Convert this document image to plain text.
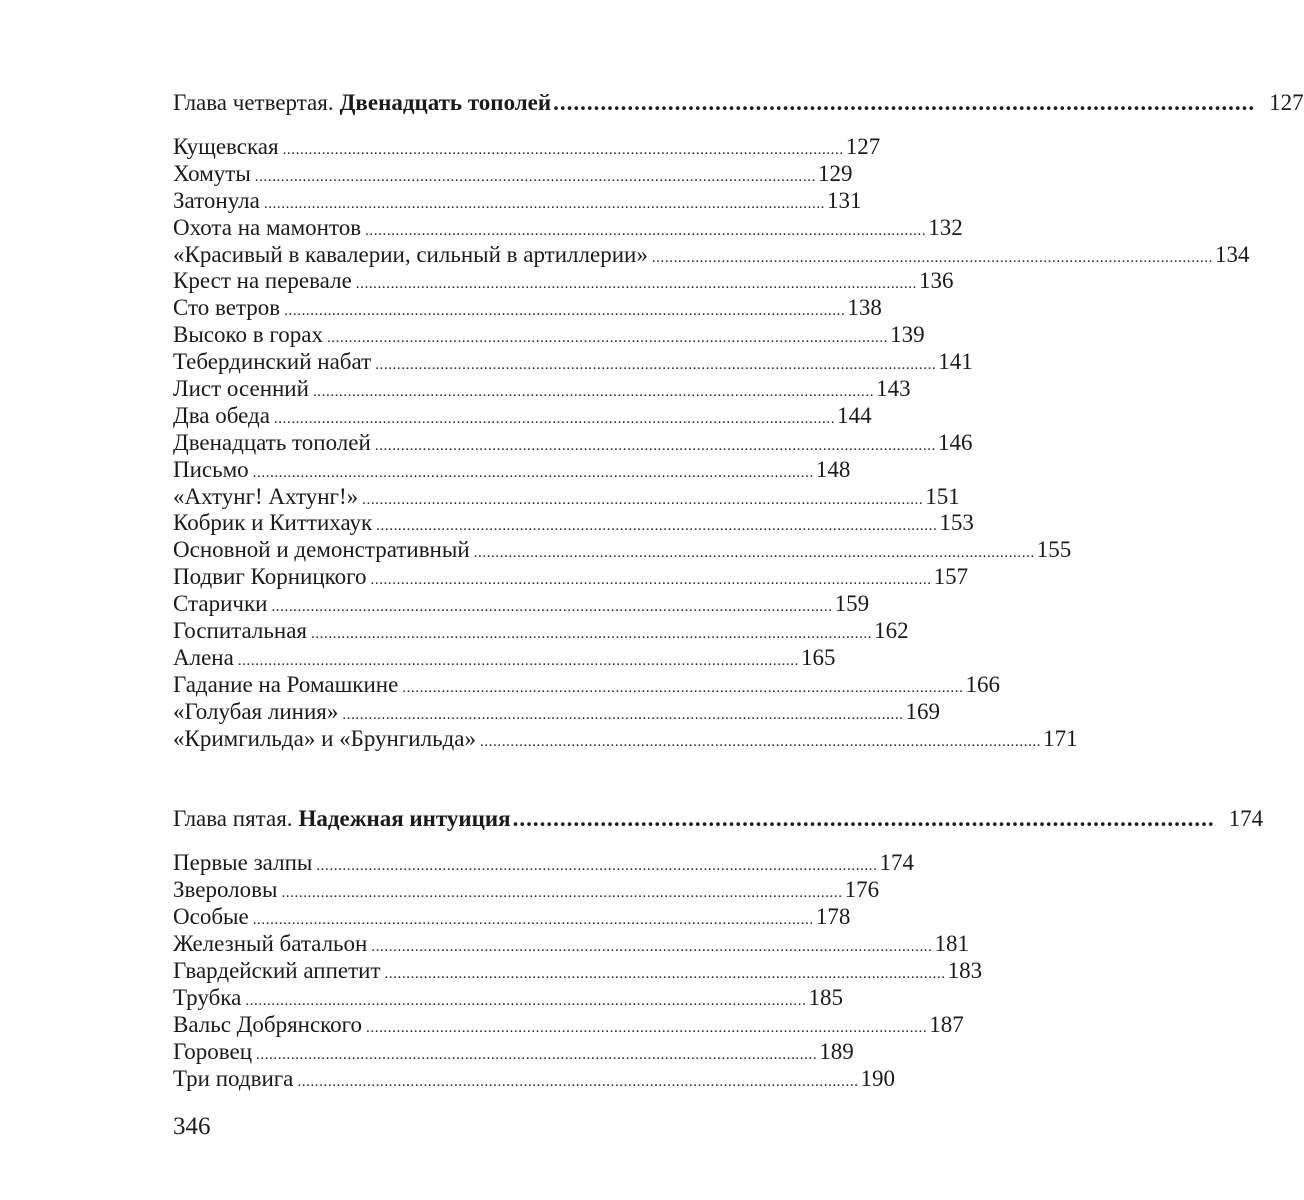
Глава четвертая. Двенадцать тополей ........................................................................................................ 127
Кущевская ................................................................................................................................. 127
Хомуты ................................................................................................................................. 129
Затонула ................................................................................................................................. 131
Охота на мамонтов ................................................................................................................................. 132
«Красивый в кавалерии, сильный в артиллерии» ................................................................................................................................. 134
Крест на перевале ................................................................................................................................. 136
Сто ветров ................................................................................................................................. 138
Высоко в горах ................................................................................................................................. 139
Тебердинский набат ................................................................................................................................. 141
Лист осенний ................................................................................................................................. 143
Два обеда ................................................................................................................................. 144
Двенадцать тополей ................................................................................................................................. 146
Письмо ................................................................................................................................. 148
«Ахтунг! Ахтунг!» ................................................................................................................................. 151
Кобрик и Киттихаук ................................................................................................................................. 153
Основной и демонстративный ................................................................................................................................. 155
Подвиг Корницкого ................................................................................................................................. 157
Старички ................................................................................................................................. 159
Госпитальная ................................................................................................................................. 162
Алена ................................................................................................................................. 165
Гадание на Ромашкине ................................................................................................................................. 166
«Голубая линия» ................................................................................................................................. 169
«Кримгильда» и «Брунгильда» ................................................................................................................................. 171
Глава пятая. Надежная интуиция ........................................................................................................ 174
Первые залпы ................................................................................................................................. 174
Звероловы ................................................................................................................................. 176
Особые ................................................................................................................................. 178
Железный батальон ................................................................................................................................. 181
Гвардейский аппетит ................................................................................................................................. 183
Трубка ................................................................................................................................. 185
Вальс Добрянского ................................................................................................................................. 187
Горовец ................................................................................................................................. 189
Три подвига ................................................................................................................................. 190
346
